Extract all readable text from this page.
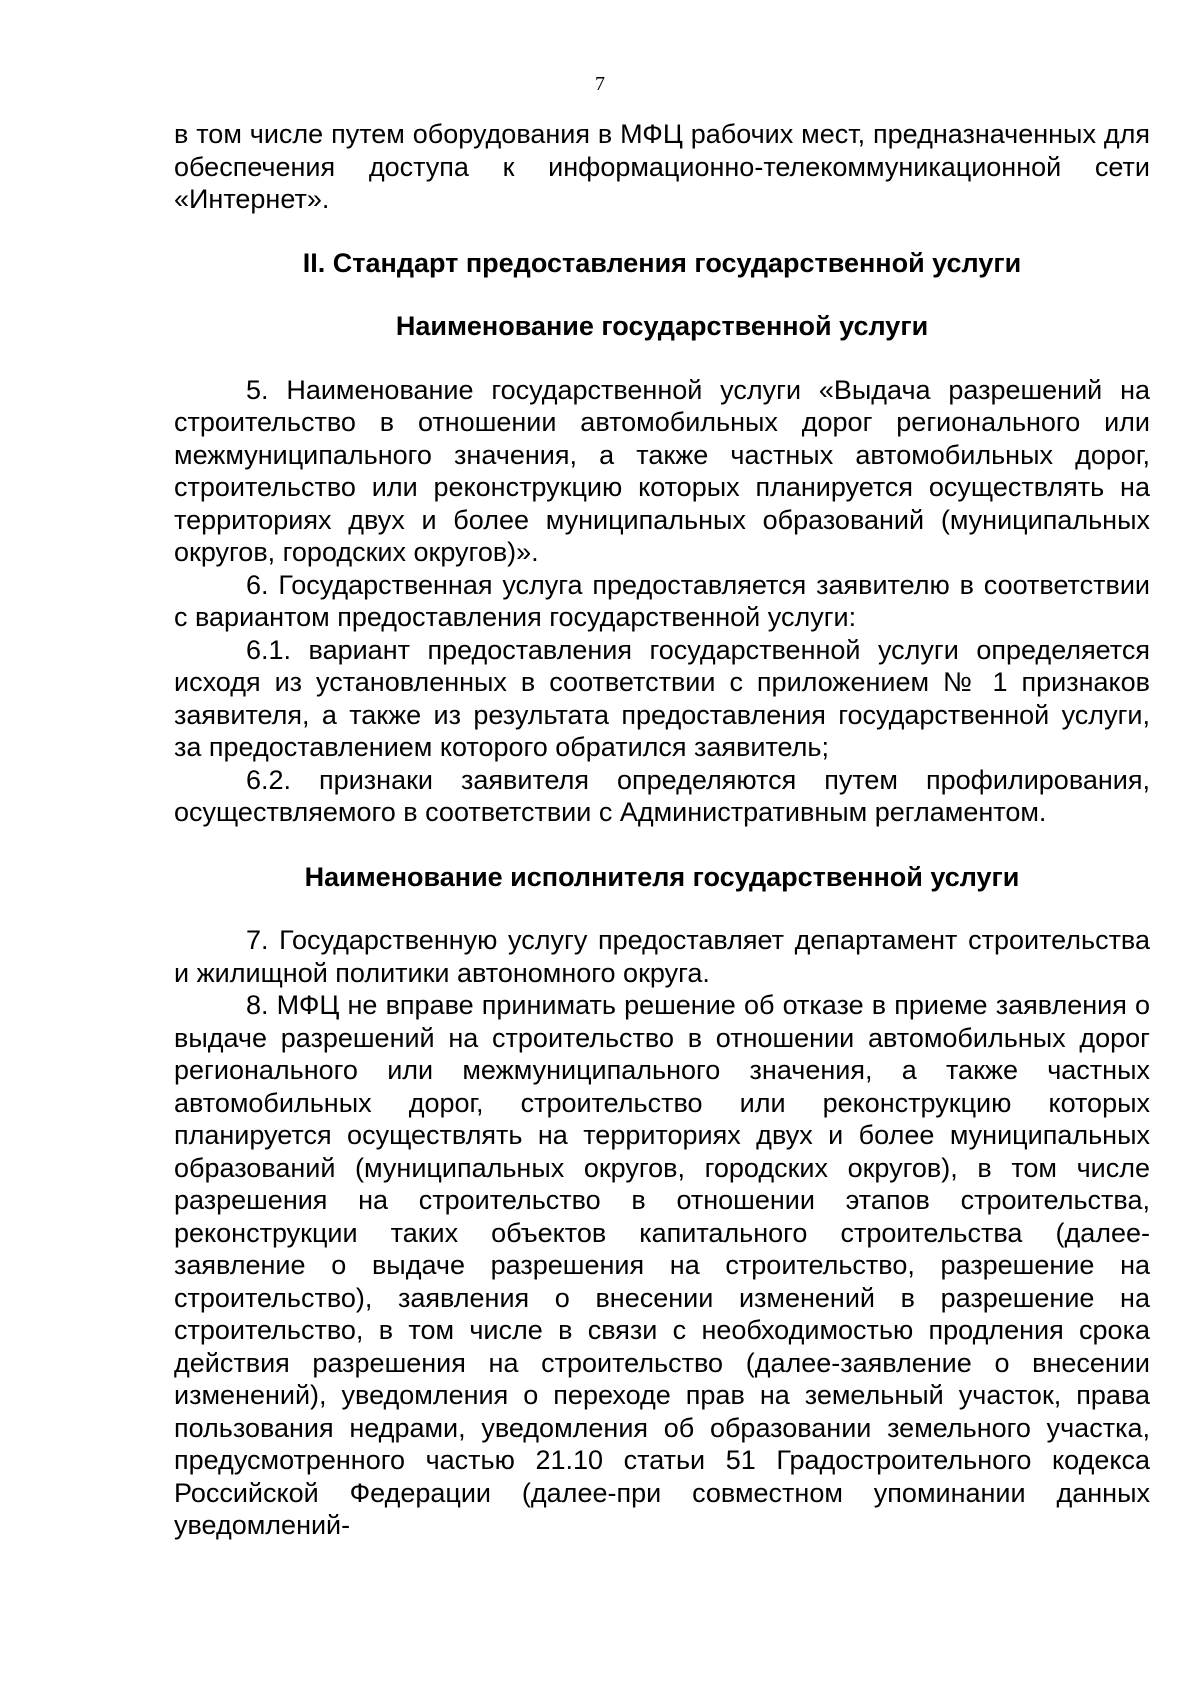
7

в том числе путем оборудования в МФЦ рабочих мест, предназначенных для обеспечения доступа к информационно-телекоммуникационной сети «Интернет».

II. Стандарт предоставления государственной услуги
Наименование государственной услуги

5. Наименование государственной услуги «Выдача разрешений на строительство в отношении автомобильных дорог регионального или межмуниципального значения, а также частных автомобильных дорог, строительство или реконструкцию которых планируется осуществлять на территориях двух и более муниципальных образований (муниципальных округов, городских округов)».

6. Государственная услуга предоставляется заявителю в соответствии с вариантом предоставления государственной услуги:

6.1. вариант предоставления государственной услуги определяется исходя из установленных в соответствии с приложением № 1 признаков заявителя, а также из результата предоставления государственной услуги, за предоставлением которого обратился заявитель;

6.2. признаки заявителя определяются путем профилирования, осуществляемого в соответствии с Административным регламентом.

Наименование исполнителя государственной услуги

7. Государственную услугу предоставляет департамент строительства и жилищной политики автономного округа.

8. МФЦ не вправе принимать решение об отказе в приеме заявления о выдаче разрешений на строительство в отношении автомобильных дорог регионального или межмуниципального значения, а также частных автомобильных дорог, строительство или реконструкцию которых планируется осуществлять на территориях двух и более муниципальных образований (муниципальных округов, городских округов), в том числе разрешения на строительство в отношении этапов строительства, реконструкции таких объектов капитального строительства (далее-заявление о выдаче разрешения на строительство, разрешение на строительство), заявления о внесении изменений в разрешение на строительство, в том числе в связи с необходимостью продления срока действия разрешения на строительство (далее-заявление о внесении изменений), уведомления о переходе прав на земельный участок, права пользования недрами, уведомления об образовании земельного участка, предусмотренного частью 21.10 статьи 51 Градостроительного кодекса Российской Федерации (далее-при совместном упоминании данных уведомлений-
